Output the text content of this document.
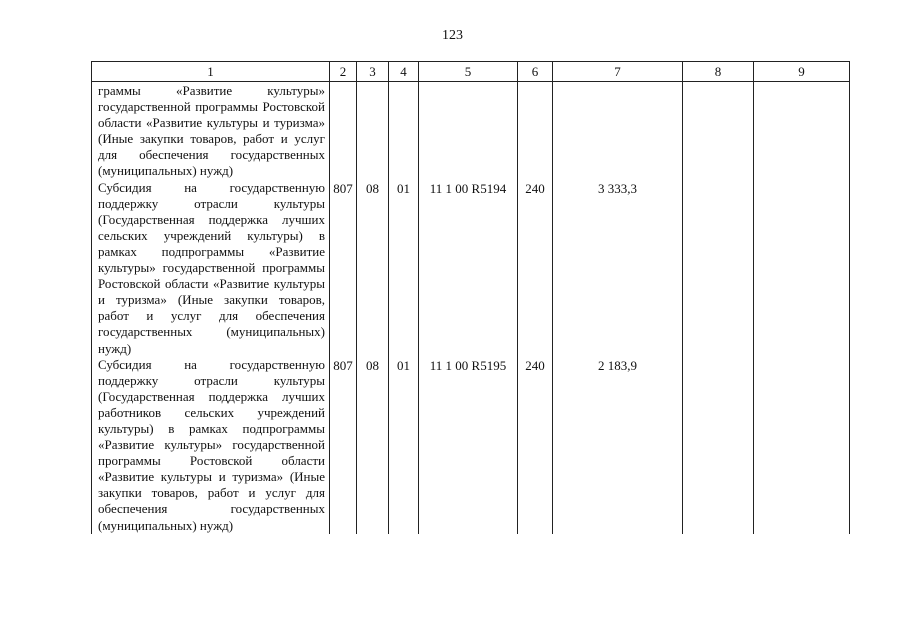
123
1	2	3	4	5	6	7	8	9
граммы «Развитие культуры» государственной программы Ростовской области «Развитие культуры и туризма» (Иные закупки товаров, работ и услуг для обеспечения государственных (муниципальных) нужд)								
Субсидия на государственную поддержку отрасли культуры (Государственная поддержка лучших сельских учреждений культуры) в рамках подпрограммы «Развитие культуры» государственной программы Ростовской области «Развитие культуры и туризма» (Иные закупки товаров, работ и услуг для обеспечения государственных (муниципальных) нужд)	807	08	01	11 1 00 R5194	240	3 333,3		
Субсидия на государственную поддержку отрасли культуры (Государственная поддержка лучших работников сельских учреждений культуры) в рамках подпрограммы «Развитие культуры» государственной программы Ростовской области «Развитие культуры и туризма» (Иные закупки товаров, работ и услуг для обеспечения государственных (муниципальных) нужд)	807	08	01	11 1 00 R5195	240	2 183,9		
